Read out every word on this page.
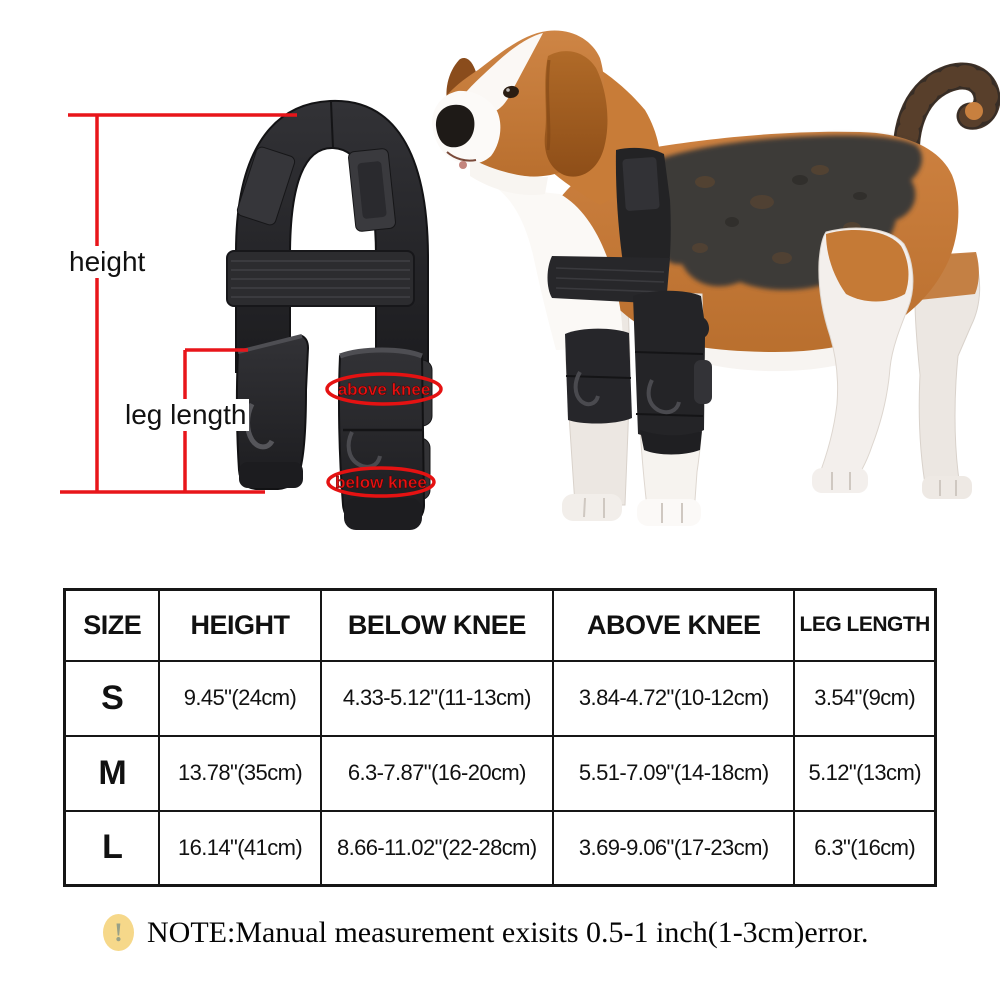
above knee
below knee
height
leg length
SIZE	HEIGHT	BELOW KNEE	ABOVE KNEE	LEG LENGTH
S	9.45"(24cm)	4.33-5.12"(11-13cm)	3.84-4.72"(10-12cm)	3.54"(9cm)
M	13.78"(35cm)	6.3-7.87"(16-20cm)	5.51-7.09"(14-18cm)	5.12"(13cm)
L	16.14"(41cm)	8.66-11.02"(22-28cm)	3.69-9.06"(17-23cm)	6.3"(16cm)
! NOTE:Manual measurement exisits 0.5-1 inch(1-3cm)error.
